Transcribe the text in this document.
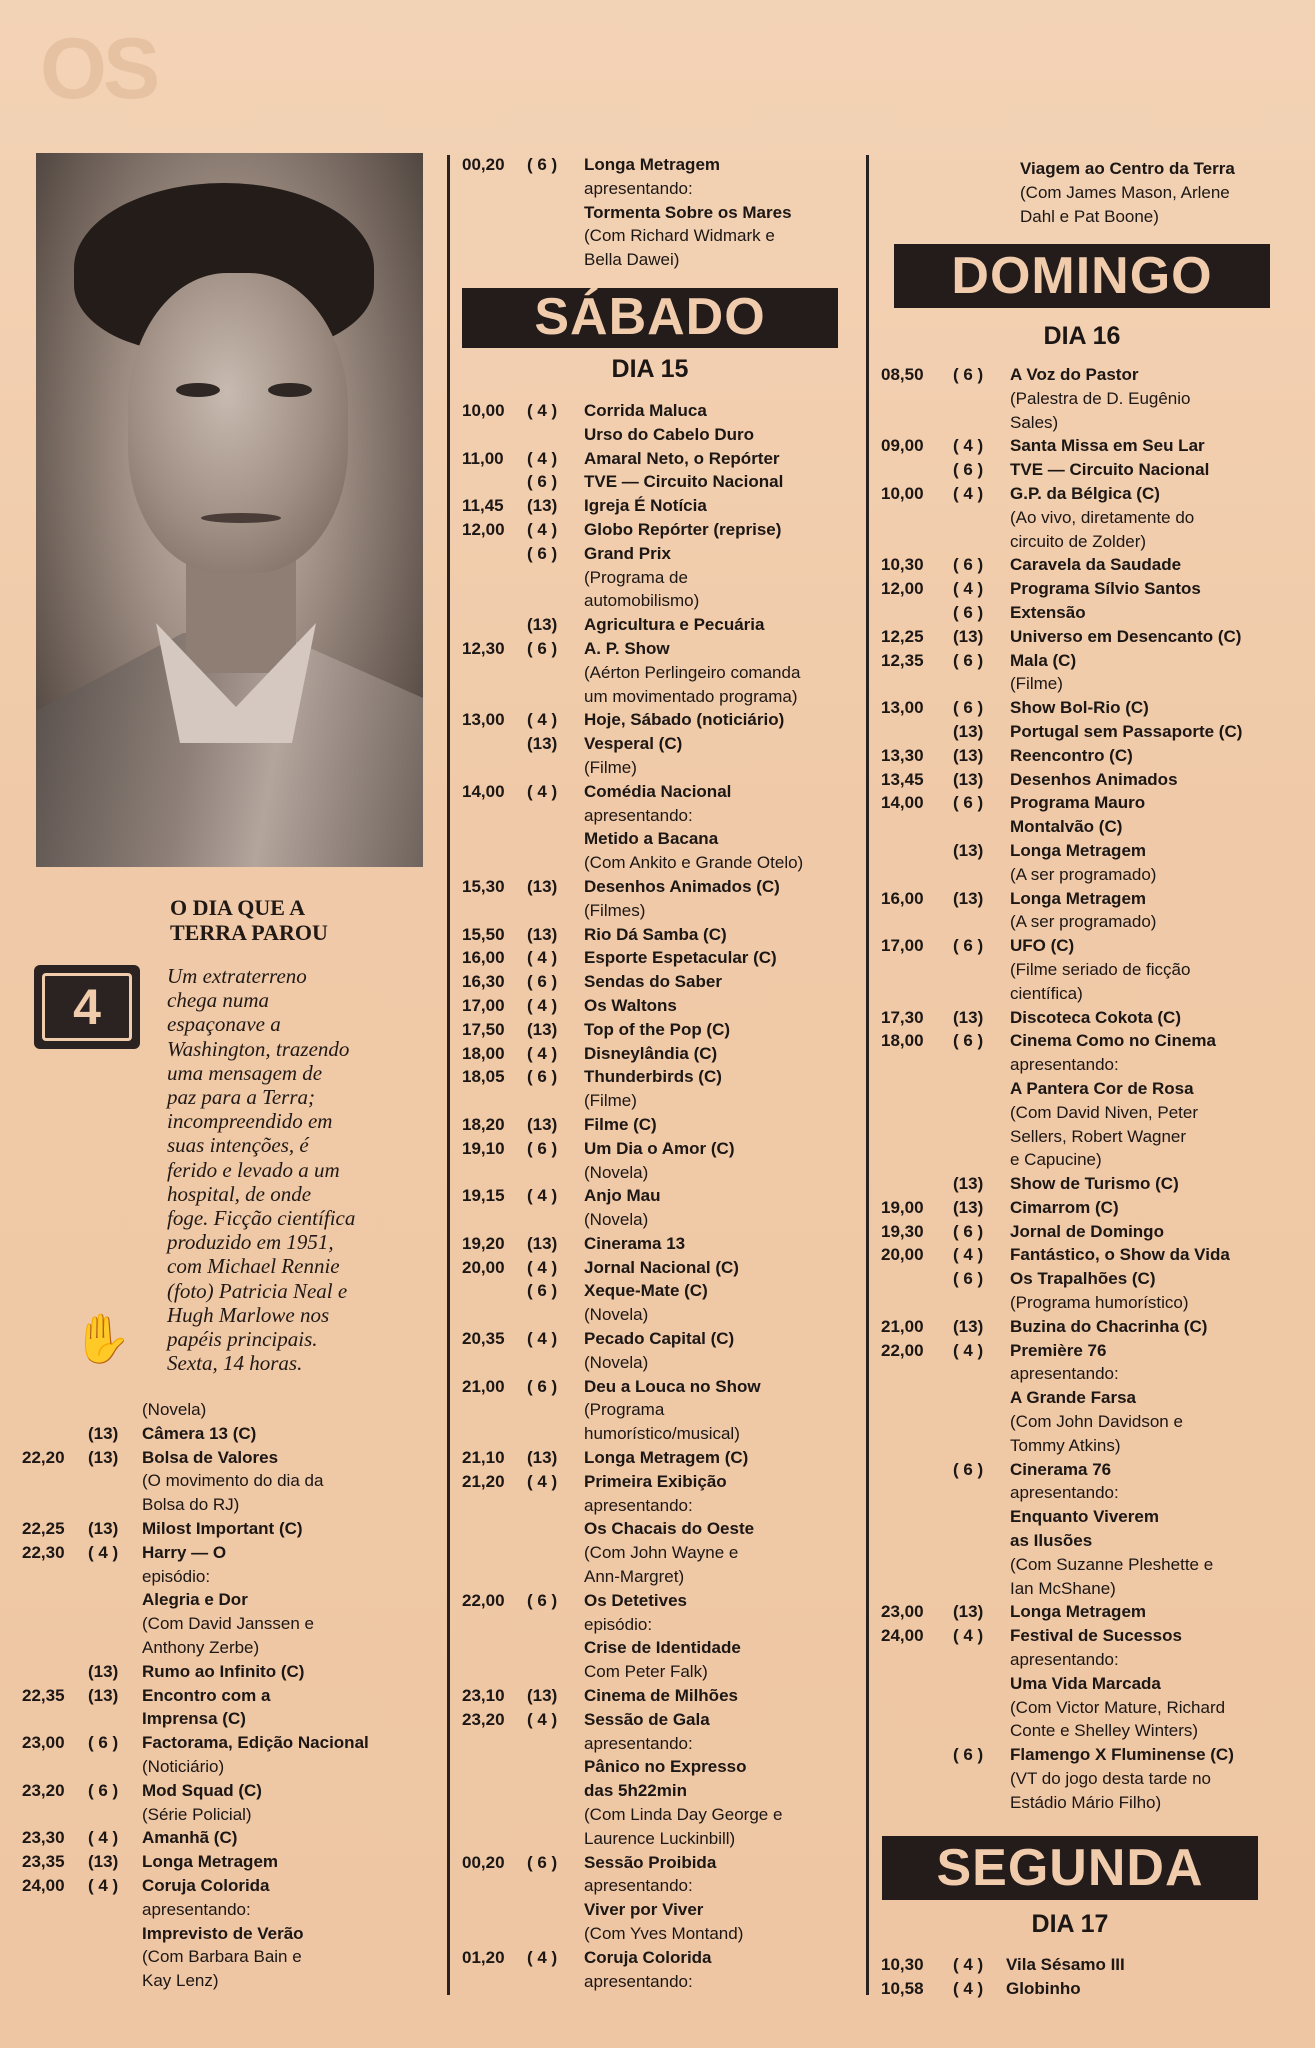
OS
O DIA QUE A
TERRA PAROU
4
Um extraterreno
chega numa
espaçonave a
Washington, trazendo
uma mensagem de
paz para a Terra;
incompreendido em
suas intenções, é
ferido e levado a um
hospital, de onde
foge. Ficção científica
produzido em 1951,
com Michael Rennie
(foto) Patricia Neal e
Hugh Marlowe nos
papéis principais.
Sexta, 14 horas.
✋
(Novela)
(13)	Câmera 13 (C)
22,20	(13)	Bolsa de Valores
(O movimento do dia da
Bolsa do RJ)
22,25	(13)	Milost Important (C)
22,30	( 4 )	Harry — O
episódio:
Alegria e Dor
(Com David Janssen e
Anthony Zerbe)
(13)	Rumo ao Infinito (C)
22,35	(13)	Encontro com a
Imprensa (C)
23,00	( 6 )	Factorama, Edição Nacional
(Noticiário)
23,20	( 6 )	Mod Squad (C)
(Série Policial)
23,30	( 4 )	Amanhã (C)
23,35	(13)	Longa Metragem
24,00	( 4 )	Coruja Colorida
apresentando:
Imprevisto de Verão
(Com Barbara Bain e
Kay Lenz)
00,20	( 6 )	Longa Metragem
apresentando:
Tormenta Sobre os Mares
(Com Richard Widmark e
Bella Dawei)
SÁBADO
DIA 15
10,00	( 4 )	Corrida Maluca
Urso do Cabelo Duro
11,00	( 4 )	Amaral Neto, o Repórter
( 6 )	TVE — Circuito Nacional
11,45	(13)	Igreja É Notícia
12,00	( 4 )	Globo Repórter (reprise)
( 6 )	Grand Prix
(Programa de
automobilismo)
(13)	Agricultura e Pecuária
12,30	( 6 )	A. P. Show
(Aérton Perlingeiro comanda
um movimentado programa)
13,00	( 4 )	Hoje, Sábado (noticiário)
(13)	Vesperal (C)
(Filme)
14,00	( 4 )	Comédia Nacional
apresentando:
Metido a Bacana
(Com Ankito e Grande Otelo)
15,30	(13)	Desenhos Animados (C)
(Filmes)
15,50	(13)	Rio Dá Samba (C)
16,00	( 4 )	Esporte Espetacular (C)
16,30	( 6 )	Sendas do Saber
17,00	( 4 )	Os Waltons
17,50	(13)	Top of the Pop (C)
18,00	( 4 )	Disneylândia (C)
18,05	( 6 )	Thunderbirds (C)
(Filme)
18,20	(13)	Filme (C)
19,10	( 6 )	Um Dia o Amor (C)
(Novela)
19,15	( 4 )	Anjo Mau
(Novela)
19,20	(13)	Cinerama 13
20,00	( 4 )	Jornal Nacional (C)
( 6 )	Xeque-Mate (C)
(Novela)
20,35	( 4 )	Pecado Capital (C)
(Novela)
21,00	( 6 )	Deu a Louca no Show
(Programa
humorístico/musical)
21,10	(13)	Longa Metragem (C)
21,20	( 4 )	Primeira Exibição
apresentando:
Os Chacais do Oeste
(Com John Wayne e
Ann-Margret)
22,00	( 6 )	Os Detetives
episódio:
Crise de Identidade
Com Peter Falk)
23,10	(13)	Cinema de Milhões
23,20	( 4 )	Sessão de Gala
apresentando:
Pânico no Expresso
das 5h22min
(Com Linda Day George e
Laurence Luckinbill)
00,20	( 6 )	Sessão Proibida
apresentando:
Viver por Viver
(Com Yves Montand)
01,20	( 4 )	Coruja Colorida
apresentando:
Viagem ao Centro da Terra
(Com James Mason, Arlene
Dahl e Pat Boone)
DOMINGO
DIA 16
08,50	( 6 )	A Voz do Pastor
(Palestra de D. Eugênio
Sales)
09,00	( 4 )	Santa Missa em Seu Lar
( 6 )	TVE — Circuito Nacional
10,00	( 4 )	G.P. da Bélgica (C)
(Ao vivo, diretamente do
circuito de Zolder)
10,30	( 6 )	Caravela da Saudade
12,00	( 4 )	Programa Sílvio Santos
( 6 )	Extensão
12,25	(13)	Universo em Desencanto (C)
12,35	( 6 )	Mala (C)
(Filme)
13,00	( 6 )	Show Bol-Rio (C)
(13)	Portugal sem Passaporte (C)
13,30	(13)	Reencontro (C)
13,45	(13)	Desenhos Animados
14,00	( 6 )	Programa Mauro
Montalvão (C)
(13)	Longa Metragem
(A ser programado)
16,00	(13)	Longa Metragem
(A ser programado)
17,00	( 6 )	UFO (C)
(Filme seriado de ficção
científica)
17,30	(13)	Discoteca Cokota (C)
18,00	( 6 )	Cinema Como no Cinema
apresentando:
A Pantera Cor de Rosa
(Com David Niven, Peter
Sellers, Robert Wagner
e Capucine)
(13)	Show de Turismo (C)
19,00	(13)	Cimarrom (C)
19,30	( 6 )	Jornal de Domingo
20,00	( 4 )	Fantástico, o Show da Vida
( 6 )	Os Trapalhões (C)
(Programa humorístico)
21,00	(13)	Buzina do Chacrinha (C)
22,00	( 4 )	Première 76
apresentando:
A Grande Farsa
(Com John Davidson e
Tommy Atkins)
( 6 )	Cinerama 76
apresentando:
Enquanto Viverem
as Ilusões
(Com Suzanne Pleshette e
Ian McShane)
23,00	(13)	Longa Metragem
24,00	( 4 )	Festival de Sucessos
apresentando:
Uma Vida Marcada
(Com Victor Mature, Richard
Conte e Shelley Winters)
( 6 )	Flamengo X Fluminense (C)
(VT do jogo desta tarde no
Estádio Mário Filho)
SEGUNDA
DIA 17
10,30	( 4 )	Vila Sésamo III
10,58	( 4 )	Globinho
